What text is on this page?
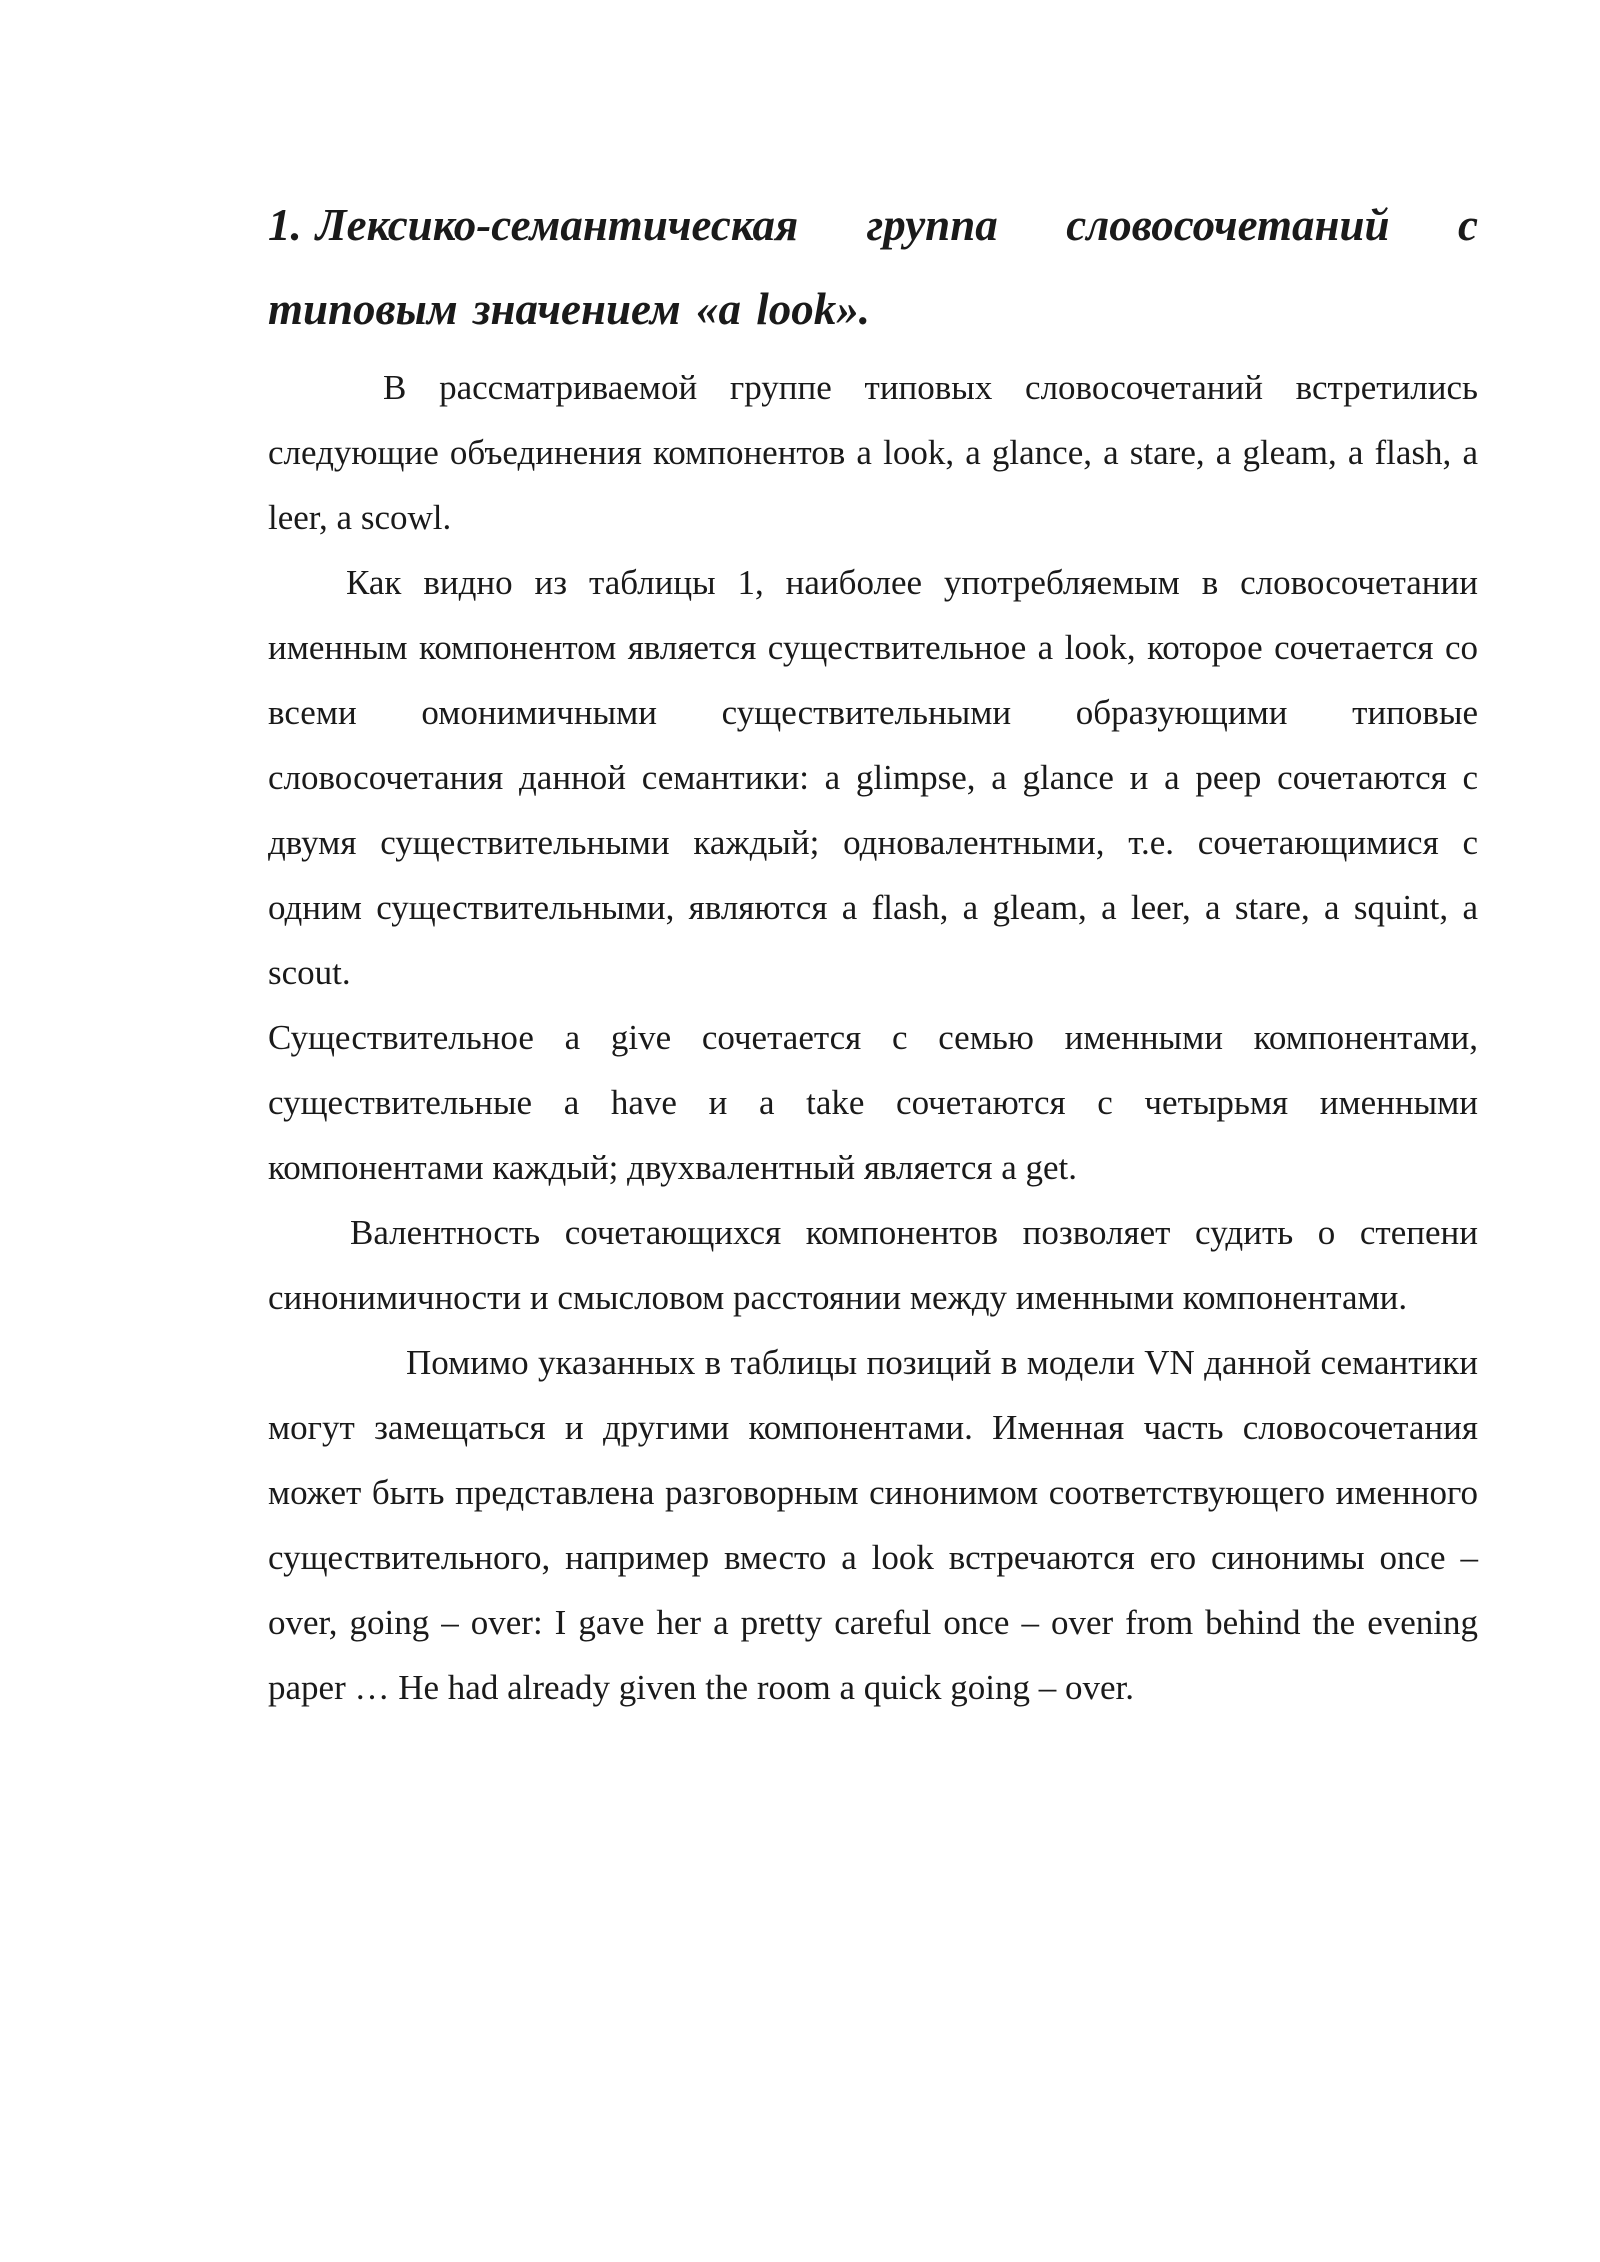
1. Лексико-семантическая группа словосочетаний с типовым значением «a look».

В рассматриваемой группе типовых словосочетаний встретились следующие объединения компонентов a look, a glance, a stare, a gleam, a flash, a leer, a scowl.

Как видно из таблицы 1, наиболее употребляемым в словосочетании именным компонентом является существительное a look, которое сочетается со всеми омонимичными существительными образующими типовые словосочетания данной семантики: a glimpse, a glance и a peep сочетаются с двумя существительными каждый; одновалентными, т.е. сочетающимися с одним существительными, являются a flash, a gleam, a leer, a stare, a squint, a scout.

Существительное a give сочетается с семью именными компонентами, существительные a have и a take сочетаются с четырьмя именными компонентами каждый; двухвалентный является a get.

Валентность сочетающихся компонентов позволяет судить о степени синонимичности и смысловом расстоянии между именными компонентами.

Помимо указанных в таблицы позиций в модели VN данной семантики могут замещаться и другими компонентами. Именная часть словосочетания может быть представлена разговорным синонимом соответствующего именного существительного, например вместо a look встречаются его синонимы once – over, going – over: I gave her a pretty careful once – over from behind the evening paper … He had already given the room a quick going – over.
